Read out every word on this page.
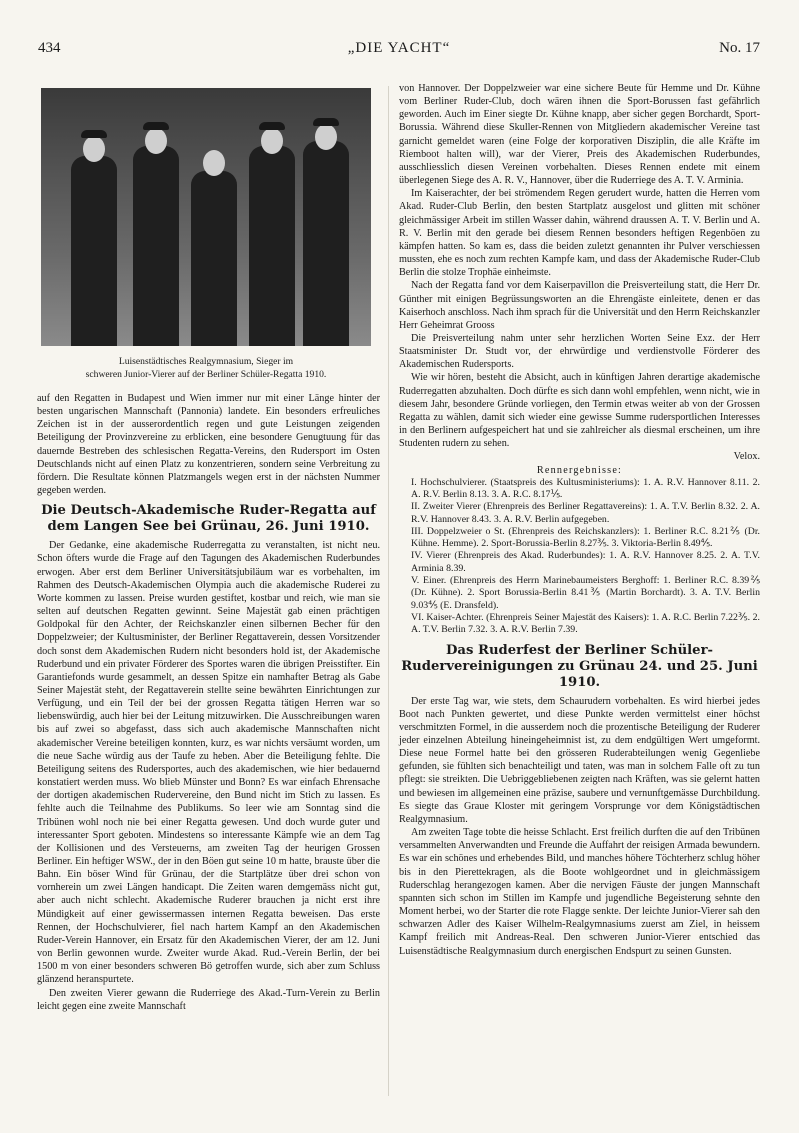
434	„DIE YACHT“	No. 17
Luisenstädtisches Realgymnasium, Sieger im
schweren Junior-Vierer auf der Berliner Schüler-Regatta 1910.

auf den Regatten in Budapest und Wien immer nur mit einer Länge hinter der besten ungarischen Mannschaft (Pannonia) landete. Ein besonders erfreuliches Zeichen ist in der ausserordentlich regen und gute Leistungen zeigenden Beteiligung der Provinzvereine zu erblicken, eine besondere Genugtuung für das dauernde Bestreben des schlesischen Regatta-Vereins, den Rudersport im Osten Deutschlands nicht auf einen Platz zu konzentrieren, sondern seine Verbreitung zu fördern. Die Resultate können Platzmangels wegen erst in der nächsten Nummer gegeben werden.

Die Deutsch-Akademische Ruder-Regatta auf dem Langen See bei Grünau, 26. Juni 1910.

Der Gedanke, eine akademische Ruderregatta zu veranstalten, ist nicht neu. Schon öfters wurde die Frage auf den Tagungen des Akademischen Ruderbundes erwogen. Aber erst dem Berliner Universitätsjubiläum war es vorbehalten, im Rahmen des Deutsch-Akademischen Olympia auch die akademische Ruderei zu Worte kommen zu lassen. Preise wurden gestiftet, kostbar und reich, wie man sie selten auf deutschen Regatten gewinnt. Seine Majestät gab einen prächtigen Goldpokal für den Achter, der Reichskanzler einen silbernen Becher für den Doppelzweier; der Kultusminister, der Berliner Regattaverein, dessen Vorsitzender doch sonst dem Akademischen Rudern nicht besonders hold ist, der Akademische Ruderbund und ein privater Förderer des Sportes waren die übrigen Preisstifter. Ein Garantiefonds wurde gesammelt, an dessen Spitze ein namhafter Betrag als Gabe Seiner Majestät steht, der Regattaverein stellte seine bewährten Einrichtungen zur Verfügung, und ein Teil der bei der grossen Regatta tätigen Herren war so liebenswürdig, auch hier bei der Leitung mitzuwirken. Die Ausschreibungen waren bis auf zwei so abgefasst, dass sich auch akademische Mannschaften nicht akademischer Vereine beteiligen konnten, kurz, es war nichts versäumt worden, um die neue Sache würdig aus der Taufe zu heben. Aber die Beteiligung fehlte. Die Beteiligung seitens des Rudersportes, auch des akademischen, wie hier bedauernd konstatiert werden muss. Wo blieb Münster und Bonn? Es war einfach Ehrensache der dortigen akademischen Rudervereine, den Bund nicht im Stich zu lassen. Es fehlte auch die Teilnahme des Publikums. So leer wie am Sonntag sind die Tribünen wohl noch nie bei einer Regatta gewesen. Und doch wurde guter und interessanter Sport geboten. Mindestens so interessante Kämpfe wie an dem Tag der Kollisionen und des Versteuerns, am zweiten Tag der heurigen Grossen Berliner. Ein heftiger WSW., der in den Böen gut seine 10 m hatte, brauste über die Bahn. Ein böser Wind für Grünau, der die Startplätze über drei schon von vornherein um zwei Längen handicapt. Die Zeiten waren demgemäss nicht gut, aber auch nicht schlecht. Akademische Ruderer brauchen ja nicht erst ihre Mündigkeit auf einer gewissermassen internen Regatta beweisen. Das erste Rennen, der Hochschulvierer, fiel nach hartem Kampf an den Akademischen Ruder-Verein Hannover, ein Ersatz für den Akademischen Vierer, der am 12. Juni von Berlin gewonnen wurde. Zweiter wurde Akad. Rud.-Verein Berlin, der bei 1500 m von einer besonders schweren Bö getroffen wurde, sich aber zum Schluss glänzend heranspurtete.

Den zweiten Vierer gewann die Ruderriege des Akad.-Turn-Verein zu Berlin leicht gegen eine zweite Mannschaft

von Hannover. Der Doppelzweier war eine sichere Beute für Hemme und Dr. Kühne vom Berliner Ruder-Club, doch wären ihnen die Sport-Borussen fast gefährlich geworden. Auch im Einer siegte Dr. Kühne knapp, aber sicher gegen Borchardt, Sport-Borussia. Während diese Skuller-Rennen von Mitgliedern akademischer Vereine tast garnicht gemeldet waren (eine Folge der korporativen Disziplin, die alle Kräfte im Riemboot halten will), war der Vierer, Preis des Akademischen Ruderbundes, ausschliesslich diesen Vereinen vorbehalten. Dieses Rennen endete mit einem überlegenen Siege des A. R. V., Hannover, über die Ruderriege des A. T. V. Arminia.

Im Kaiserachter, der bei strömendem Regen gerudert wurde, hatten die Herren vom Akad. Ruder-Club Berlin, den besten Startplatz ausgelost und glitten mit schöner gleichmässiger Arbeit im stillen Wasser dahin, während draussen A. T. V. Berlin und A. R. V. Berlin mit den gerade bei diesem Rennen besonders heftigen Regenböen zu kämpfen hatten. So kam es, dass die beiden zuletzt genannten ihr Pulver verschiessen mussten, ehe es noch zum rechten Kampfe kam, und dass der Akademische Ruder-Club Berlin die stolze Trophäe einheimste.

Nach der Regatta fand vor dem Kaiserpavillon die Preisverteilung statt, die Herr Dr. Günther mit einigen Begrüssungsworten an die Ehrengäste einleitete, denen er das Kaiserhoch anschloss. Nach ihm sprach für die Universität und den Herrn Reichskanzler Herr Geheimrat Grooss

Die Preisverteilung nahm unter sehr herzlichen Worten Seine Exz. der Herr Staatsminister Dr. Studt vor, der ehrwürdige und verdienstvolle Förderer des Akademischen Rudersports.

Wie wir hören, besteht die Absicht, auch in künftigen Jahren derartige akademische Ruderregatten abzuhalten. Doch dürfte es sich dann wohl empfehlen, wenn nicht, wie in diesem Jahr, besondere Gründe vorliegen, den Termin etwas weiter ab von der Grossen Regatta zu wählen, damit sich wieder eine gewisse Summe rudersportlichen Interesses in den Berlinern aufgespeichert hat und sie zahlreicher als diesmal erscheinen, um ihre Studenten rudern zu sehen.

Velox.

Rennergebnisse:

I. Hochschulvierer. (Staatspreis des Kultusministeriums): 1. A. R.V. Hannover 8.11. 2. A. R.V. Berlin 8.13. 3. A. R.C. 8.17⅕.

II. Zweiter Vierer (Ehrenpreis des Berliner Regattavereins): 1. A. T.V. Berlin 8.32. 2. A. R.V. Hannover 8.43. 3. A. R.V. Berlin aufgegeben.

III. Doppelzweier o St. (Ehrenpreis des Reichskanzlers): 1. Berliner R.C. 8.21⅖ (Dr. Kühne. Hemme). 2. Sport-Borussia-Berlin 8.27⅗. 3. Viktoria-Berlin 8.49⅘.

IV. Vierer (Ehrenpreis des Akad. Ruderbundes): 1. A. R.V. Hannover 8.25. 2. A. T.V. Arminia 8.39.

V. Einer. (Ehrenpreis des Herrn Marinebaumeisters Berghoff: 1. Berliner R.C. 8.39⅖ (Dr. Kühne). 2. Sport Borussia-Berlin 8.41⅗ (Martin Borchardt). 3. A. T.V. Berlin 9.03⅘ (E. Dransfeld).

VI. Kaiser-Achter. (Ehrenpreis Seiner Majestät des Kaisers): 1. A. R.C. Berlin 7.22⅗. 2. A. T.V. Berlin 7.32. 3. A. R.V. Berlin 7.39.

Das Ruderfest der Berliner Schüler-Rudervereinigungen zu Grünau 24. und 25. Juni 1910.

Der erste Tag war, wie stets, dem Schaurudern vorbehalten. Es wird hierbei jedes Boot nach Punkten gewertet, und diese Punkte werden vermittelst einer höchst verschmitzten Formel, in die ausserdem noch die prozentische Beteiligung der Ruderer jeder einzelnen Abteilung hineingeheimnist ist, zu dem endgültigen Wert umgeformt. Diese neue Formel hatte bei den grösseren Ruderabteilungen wenig Gegenliebe gefunden, sie fühlten sich benachteiligt und taten, was man in solchem Falle oft zu tun pflegt: sie streikten. Die Uebriggebliebenen zeigten nach Kräften, was sie gelernt hatten und bewiesen im allgemeinen eine präzise, saubere und vernunftgemässe Durchbildung. Es siegte das Graue Kloster mit geringem Vorsprunge vor dem Königstädtischen Realgymnasium.

Am zweiten Tage tobte die heisse Schlacht. Erst freilich durften die auf den Tribünen versammelten Anverwandten und Freunde die Auffahrt der reisigen Armada bewundern. Es war ein schönes und erhebendes Bild, und manches höhere Töchterherz schlug höher bis in den Pierettekragen, als die Boote wohlgeordnet und in gleichmässigem Ruderschlag herangezogen kamen. Aber die nervigen Fäuste der jungen Mannschaft spannten sich schon im Stillen im Kampfe und jugendliche Begeisterung sehnte den Moment herbei, wo der Starter die rote Flagge senkte. Der leichte Junior-Vierer sah den schwarzen Adler des Kaiser Wilhelm-Realgymnasiums zuerst am Ziel, in heissem Kampf freilich mit Andreas-Real. Den schweren Junior-Vierer entschied das Luisenstädtische Realgymnasium durch energischen Endspurt zu seinen Gunsten.
